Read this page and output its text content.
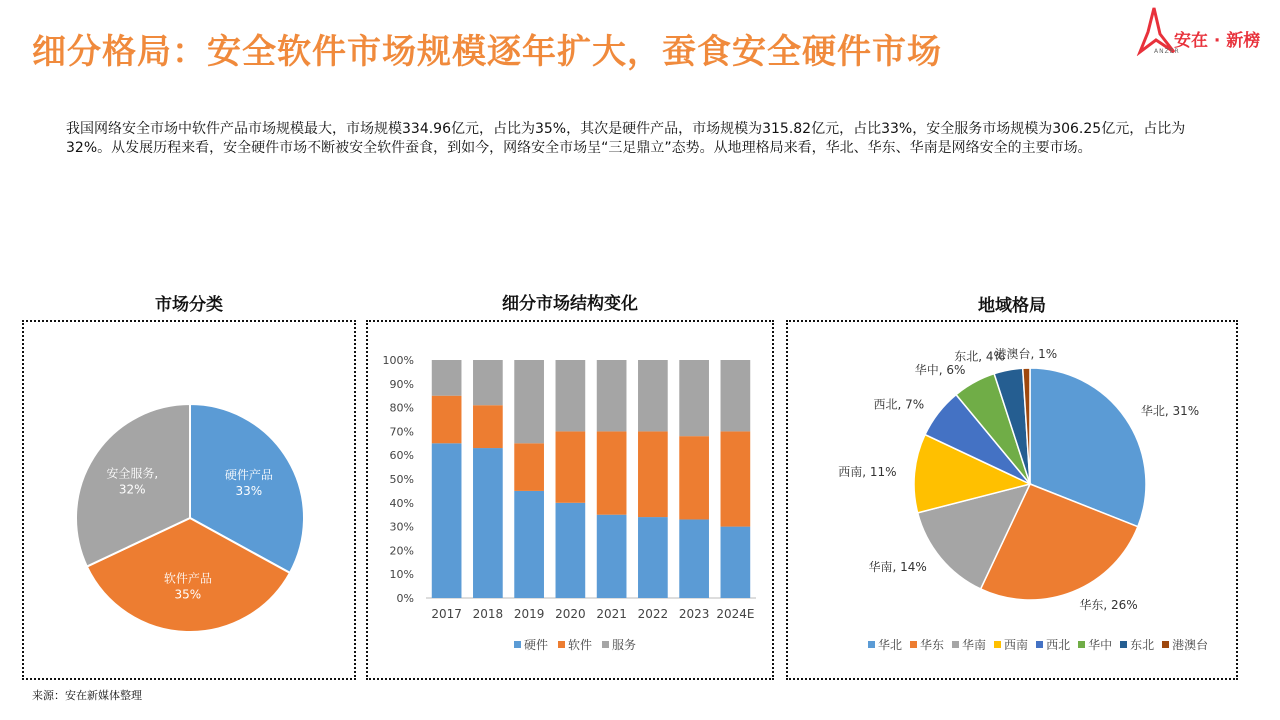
细分格局：安全软件市场规模逐年扩大，蚕食安全硬件市场	安在 · 新榜
ANZER
我国网络安全市场中软件产品市场规模最大，市场规模334.96亿元，占比为35%，其次是硬件产品，市场规模为315.82亿元，占比33%，安全服务市场规模为306.25亿元，占比为32%。从发展历程来看，安全硬件市场不断被安全软件蚕食，到如今，网络安全市场呈“三足鼎立”态势。从地理格局来看，华北、华东、华南是网络安全的主要市场。
市场分类
硬件产品
33%
软件产品
35%
安全服务,
32%
细分市场结构变化
0%
10%
20%
30%
40%
50%
60%
70%
80%
90%
100%
2017 2018 2019 2020 2021 2022 2023 2024E
硬件 软件 服务
地域格局
华北, 31%
华东, 26%
华南, 14%
西南, 11%
西北, 7%
华中, 6%
东北, 4%
港澳台, 1%
华北 华东 华南 西南 西北 华中 东北 港澳台
来源：安在新媒体整理
